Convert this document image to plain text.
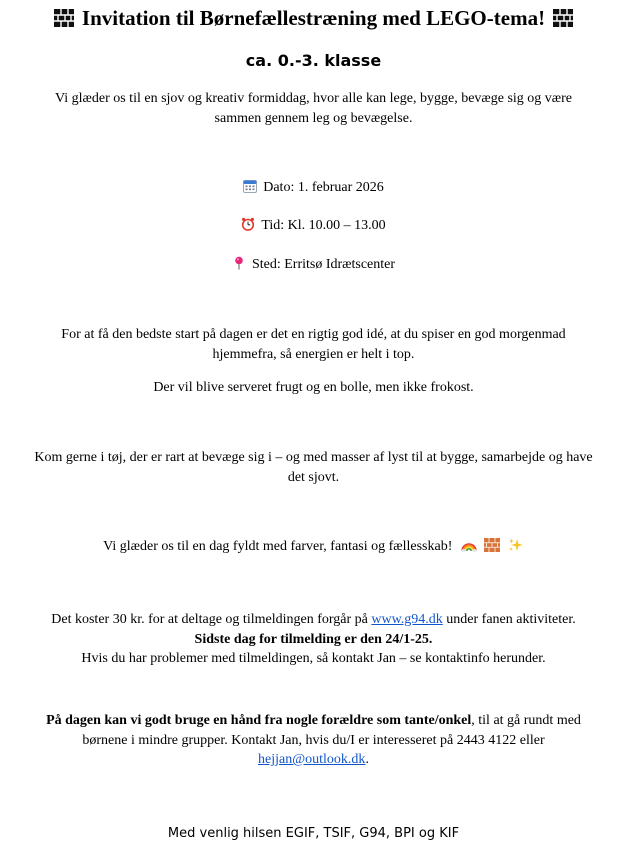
Invitation til Børnefællestræning med LEGO-tema!
ca. 0.-3. klasse
Vi glæder os til en sjov og kreativ formiddag, hvor alle kan lege, bygge, bevæge sig og være
sammen gennem leg og bevægelse.
Dato: 1. februar 2026
Tid: Kl. 10.00 – 13.00
Sted: Erritsø Idrætscenter
For at få den bedste start på dagen er det en rigtig god idé, at du spiser en god morgenmad
hjemmefra, så energien er helt i top.
Der vil blive serveret frugt og en bolle, men ikke frokost.
Kom gerne i tøj, der er rart at bevæge sig i – og med masser af lyst til at bygge, samarbejde og have
det sjovt.
Vi glæder os til en dag fyldt med farver, fantasi og fællesskab!

Det koster 30 kr. for at deltage og tilmeldingen forgår på www.g94.dk under fanen aktiviteter.
Sidste dag for tilmelding er den 24/1-25.
Hvis du har problemer med tilmeldingen, så kontakt Jan – se kontaktinfo herunder.
På dagen kan vi godt bruge en hånd fra nogle forældre som tante/onkel, til at gå rundt med
børnene i mindre grupper. Kontakt Jan, hvis du/I er interesseret på 2443 4122 eller
hejjan@outlook.dk.
Med venlig hilsen EGIF, TSIF, G94, BPI og KIF
